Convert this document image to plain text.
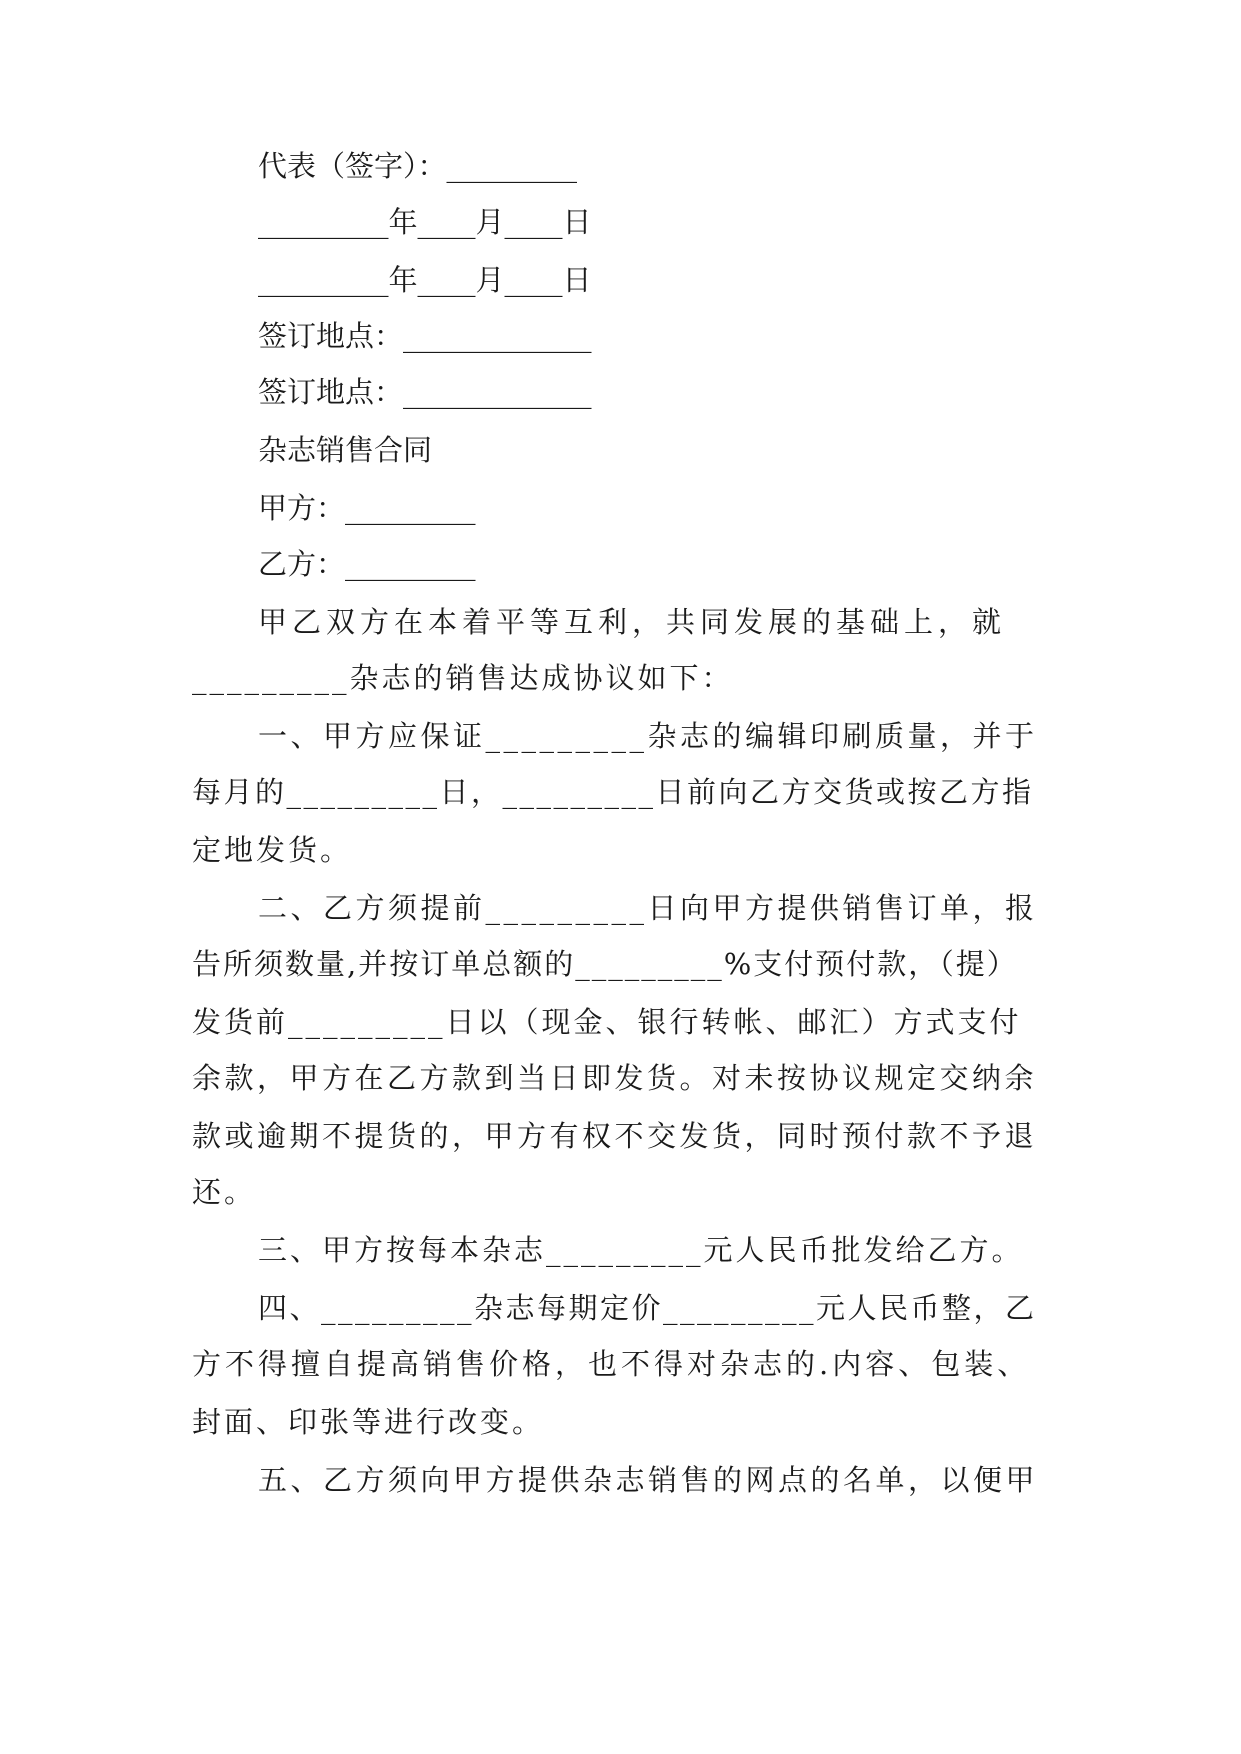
代表（签字）：_________
_________年____月____日
_________年____月____日
签订地点：_____________
签订地点：_____________
杂志销售合同
甲方：_________
乙方：_________
甲乙双方在本着平等互利，共同发展的基础上，就
_________杂志的销售达成协议如下：
一、甲方应保证_________杂志的编辑印刷质量，并于
每月的_________日，_________日前向乙方交货或按乙方指
定地发货。
二、乙方须提前_________日向甲方提供销售订单，报
告所须数量,并按订单总额的_________%支付预付款，（提）
发货前_________日以（现金、银行转帐、邮汇）方式支付
余款，甲方在乙方款到当日即发货。对未按协议规定交纳余
款或逾期不提货的，甲方有权不交发货，同时预付款不予退
还。
三、甲方按每本杂志_________元人民币批发给乙方。
四、_________杂志每期定价_________元人民币整，乙
方不得擅自提高销售价格，也不得对杂志的.内容、包装、
封面、印张等进行改变。
五、乙方须向甲方提供杂志销售的网点的名单，以便甲
